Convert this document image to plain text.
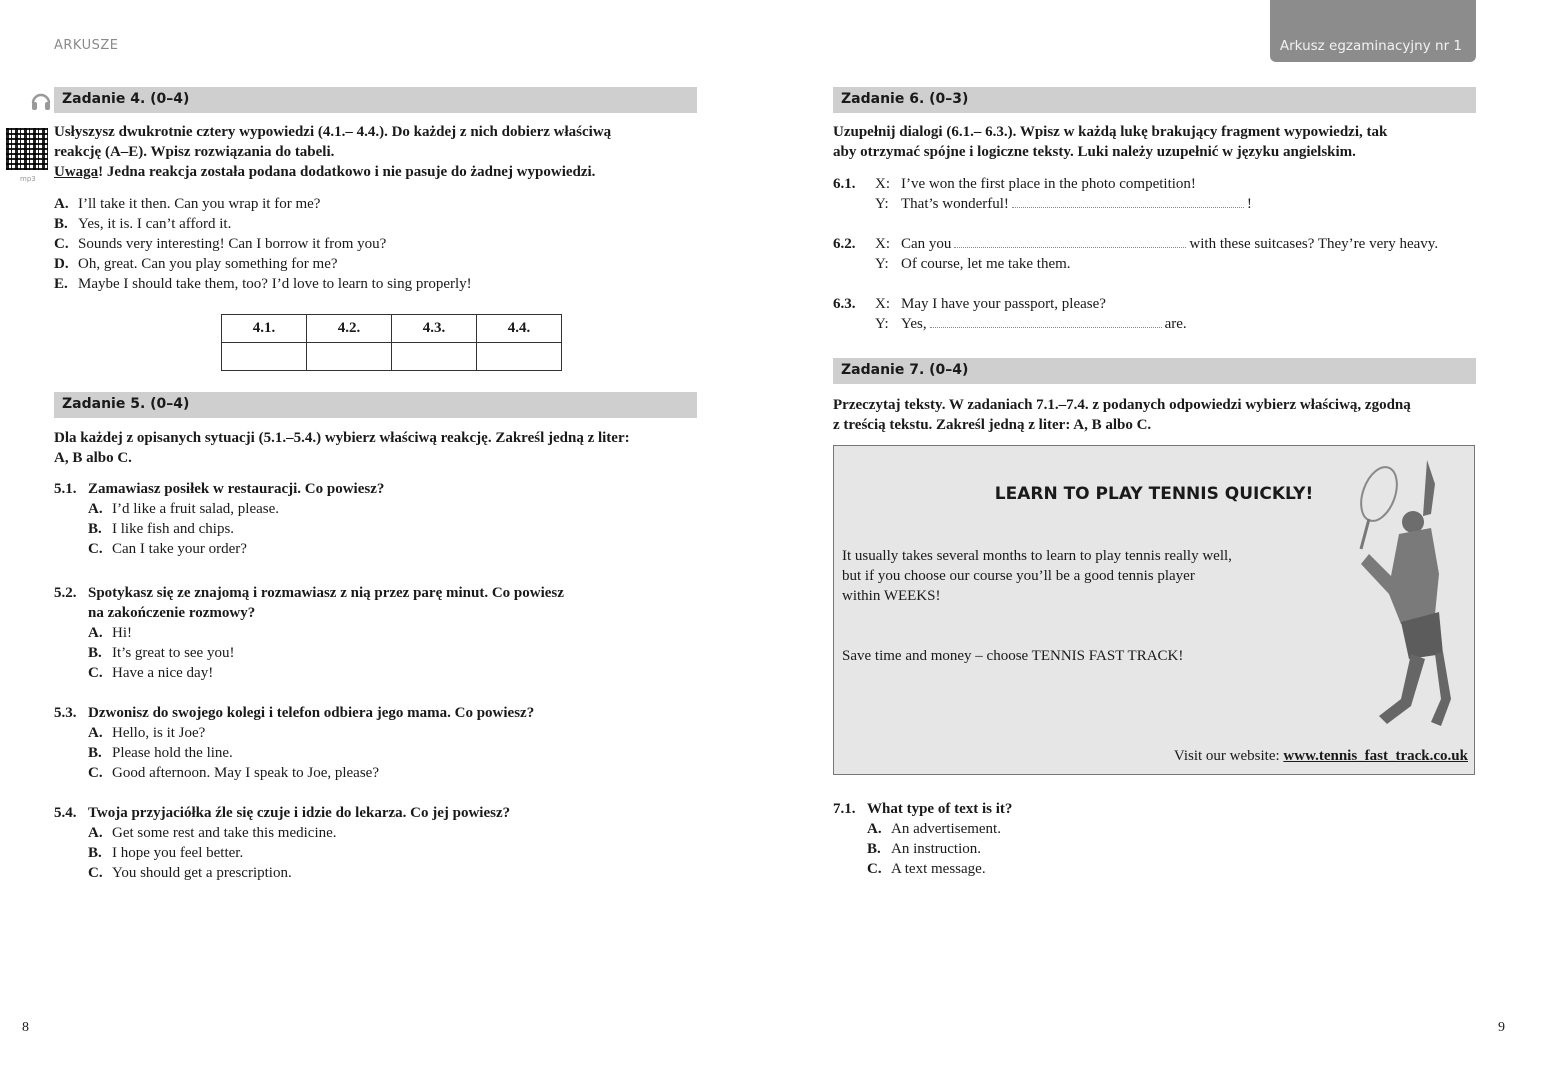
ARKUSZE	Arkusz egzaminacyjny nr 1
mp3
Zadanie 4. (0–4)
Usłyszysz dwukrotnie cztery wypowiedzi (4.1.– 4.4.). Do każdej z nich dobierz właściwą
reakcję (A–E). Wpisz rozwiązania do tabeli.
Uwaga! Jedna reakcja została podana dodatkowo i nie pasuje do żadnej wypowiedzi.
A. I’ll take it then. Can you wrap it for me?
B. Yes, it is. I can’t afford it.
C. Sounds very interesting! Can I borrow it from you?
D. Oh, great. Can you play something for me?
E. Maybe I should take them, too? I’d love to learn to sing properly!
4.1.	4.2.	4.3.	4.4.

Zadanie 5. (0–4)
Dla każdej z opisanych sytuacji (5.1.–5.4.) wybierz właściwą reakcję. Zakreśl jedną z liter:
A, B albo C.
5.1. Zamawiasz posiłek w restauracji. Co powiesz?
A. I’d like a fruit salad, please.
B. I like fish and chips.
C. Can I take your order?
5.2. Spotykasz się ze znajomą i rozmawiasz z nią przez parę minut. Co powiesz
na zakończenie rozmowy?
A. Hi!
B. It’s great to see you!
C. Have a nice day!
5.3. Dzwonisz do swojego kolegi i telefon odbiera jego mama. Co powiesz?
A. Hello, is it Joe?
B. Please hold the line.
C. Good afternoon. May I speak to Joe, please?
5.4. Twoja przyjaciółka źle się czuje i idzie do lekarza. Co jej powiesz?
A. Get some rest and take this medicine.
B. I hope you feel better.
C. You should get a prescription.
8
Zadanie 6. (0–3)
Uzupełnij dialogi (6.1.– 6.3.). Wpisz w każdą lukę brakujący fragment wypowiedzi, tak
aby otrzymać spójne i logiczne teksty. Luki należy uzupełnić w języku angielskim.
6.1. X: I’ve won the first place in the photo competition!
Y: That’s wonderful!	!
6.2. X: Can you	with these suitcases? They’re very heavy.
Y: Of course, let me take them.
6.3. X: May I have your passport, please?
Y: Yes,	are.
Zadanie 7. (0–4)
Przeczytaj teksty. W zadaniach 7.1.–7.4. z podanych odpowiedzi wybierz właściwą, zgodną
z treścią tekstu. Zakreśl jedną z liter: A, B albo C.
LEARN TO PLAY TENNIS QUICKLY!
It usually takes several months to learn to play tennis really well,
but if you choose our course you’ll be a good tennis player
within WEEKS!
Save time and money – choose TENNIS FAST TRACK!
Visit our website: www.tennis_fast_track.co.uk
7.1. What type of text is it?
A. An advertisement.
B. An instruction.
C. A text message.
9
